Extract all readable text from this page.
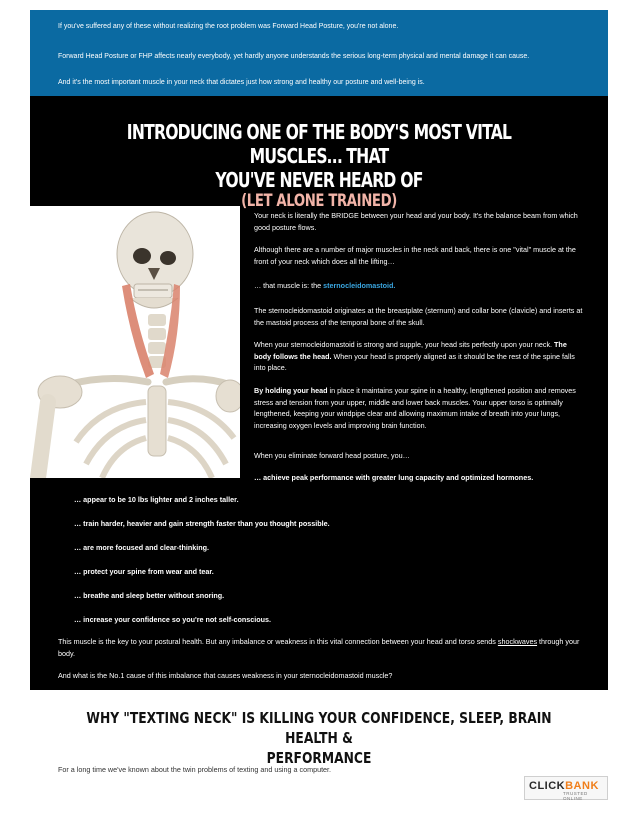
If you've suffered any of these without realizing the root problem was Forward Head Posture, you're not alone.

Forward Head Posture or FHP affects nearly everybody, yet hardly anyone understands the serious long-term physical and mental damage it can cause.

And it's the most important muscle in your neck that dictates just how strong and healthy our posture and well-being is.

INTRODUCING ONE OF THE BODY'S MOST VITAL MUSCLES… THAT
YOU'VE NEVER HEARD OF
(LET ALONE TRAINED)

Your neck is literally the BRIDGE between your head and your body. It's the balance beam from which good posture flows.

Although there are a number of major muscles in the neck and back, there is one "vital" muscle at the front of your neck which does all the lifting…

… that muscle is: the sternocleidomastoid.

The sternocleidomastoid originates at the breastplate (sternum) and collar bone (clavicle) and inserts at the mastoid process of the temporal bone of the skull.

When your sternocleidomastoid is strong and supple, your head sits perfectly upon your neck. The body follows the head. When your head is properly aligned as it should be the rest of the spine falls into place.

By holding your head in place it maintains your spine in a healthy, lengthened position and removes stress and tension from your upper, middle and lower back muscles. Your upper torso is optimally lengthened, keeping your windpipe clear and allowing maximum intake of breath into your lungs, increasing oxygen levels and improving brain function.

When you eliminate forward head posture, you…

… achieve peak performance with greater lung capacity and optimized hormones.

… appear to be 10 lbs lighter and 2 inches taller.

… train harder, heavier and gain strength faster than you thought possible.

… are more focused and clear-thinking.

… protect your spine from wear and tear.

… breathe and sleep better without snoring.

… increase your confidence so you're not self-conscious.

This muscle is the key to your postural health. But any imbalance or weakness in this vital connection between your head and torso sends shockwaves through your body.

And what is the No.1 cause of this imbalance that causes weakness in your sternocleidomastoid muscle?

WHY "TEXTING NECK" IS KILLING YOUR CONFIDENCE, SLEEP, BRAIN HEALTH &
PERFORMANCE
For a long time we've known about the twin problems of texting and using a computer.
CLICKBANK
TRUSTED ONLINE
